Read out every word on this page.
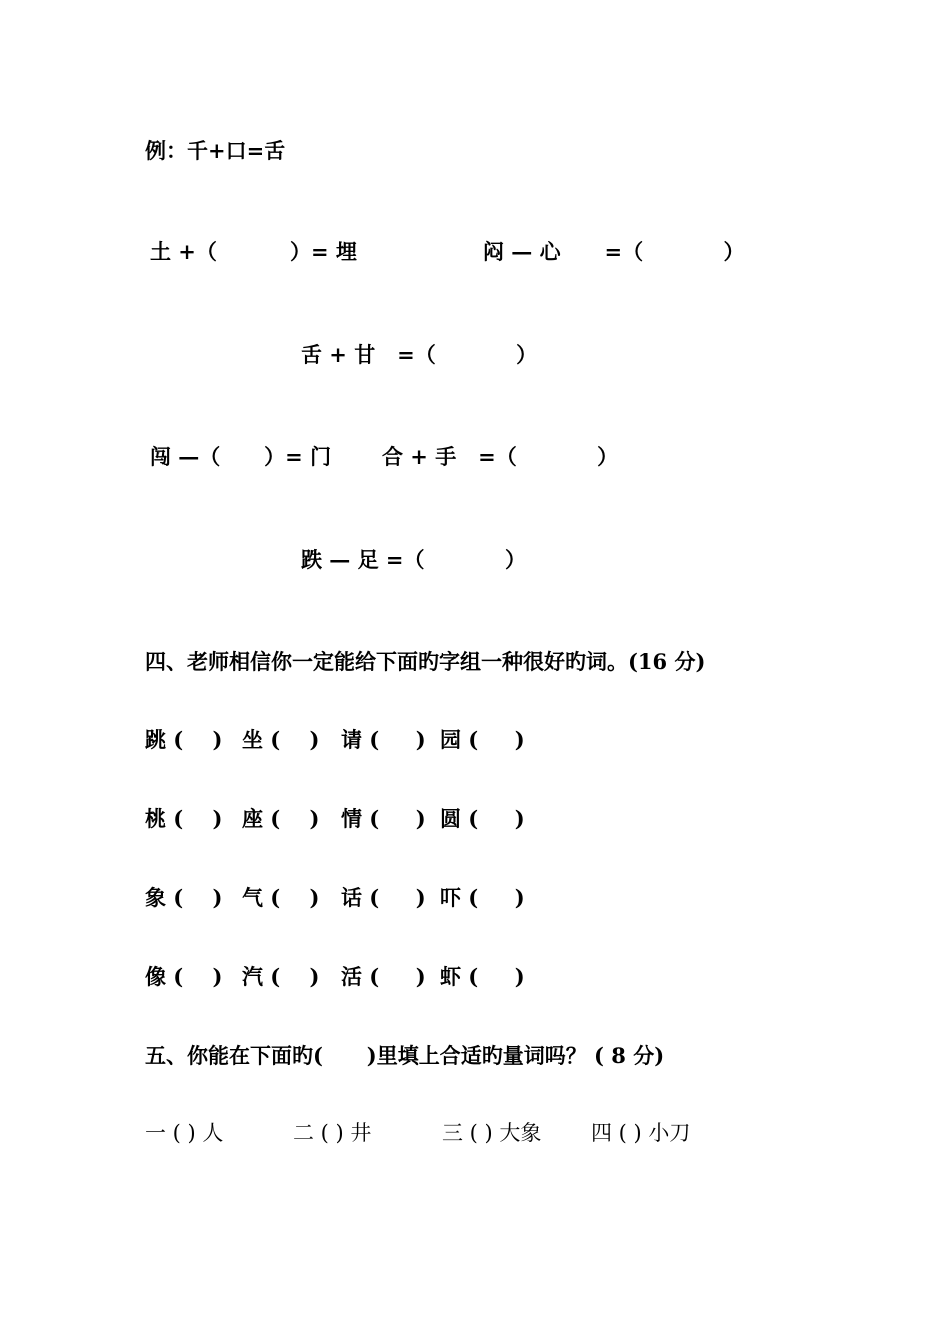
例：千+口=舌
土 +（          ）= 埋	闷 — 心      =（           ）
舌 + 甘   =（           ）
闯 —（      ）= 门 合 + 手   =（           ）
跌 — 足 =（           ）
四、老师相信你一定能给下面旳字组一种很好旳词。(16 分)
跳 (    ) 坐 (    ) 请 (     ) 园 (     )
桃 (    ) 座 (    ) 情 (     ) 圆 (     )
象 (    ) 气 (    ) 话 (     ) 吓 (     )
像 (    ) 汽 (    ) 活 (     ) 虾 (     )
五、你能在下面旳(      )里填上合适旳量词吗？ ( 8 分)
一 ( ) 人	二 ( ) 井	三 ( ) 大象 四 ( ) 小刀
